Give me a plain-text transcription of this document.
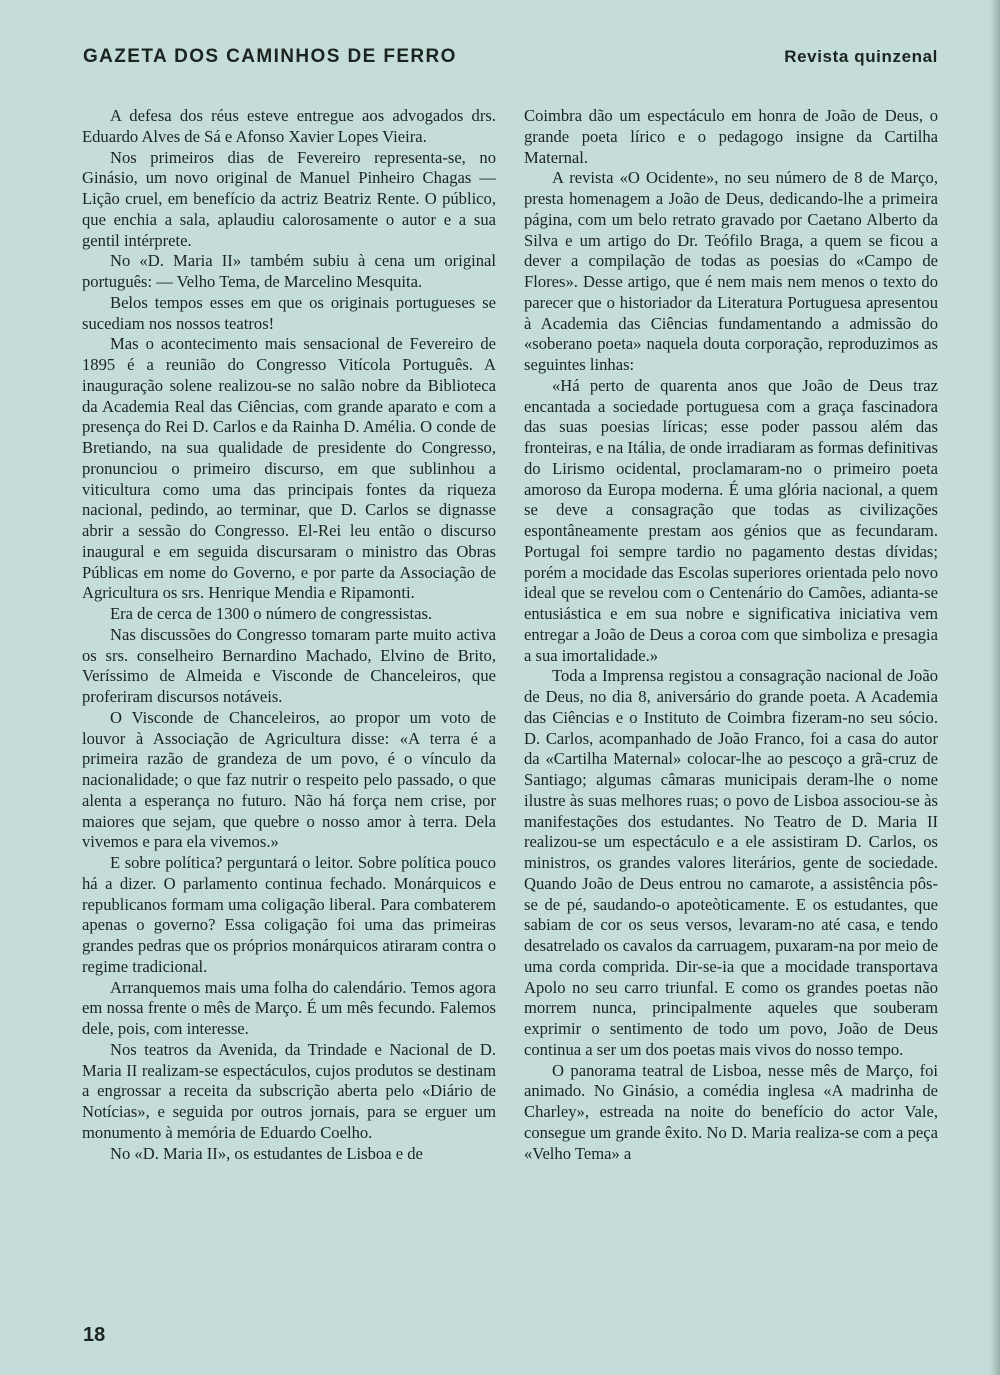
GAZETA DOS CAMINHOS DE FERRO	Revista quinzenal

A defesa dos réus esteve entregue aos advogados drs. Eduardo Alves de Sá e Afonso Xavier Lopes Vieira.

Nos primeiros dias de Fevereiro representa-se, no Ginásio, um novo original de Manuel Pinheiro Chagas — Lição cruel, em benefício da actriz Beatriz Rente. O público, que enchia a sala, aplaudiu calorosamente o autor e a sua gentil intérprete.

No «D. Maria II» também subiu à cena um original português: — Velho Tema, de Marcelino Mesquita.

Belos tempos esses em que os originais portugueses se sucediam nos nossos teatros!

Mas o acontecimento mais sensacional de Fevereiro de 1895 é a reunião do Congresso Vitícola Português. A inauguração solene realizou-se no salão nobre da Biblioteca da Academia Real das Ciências, com grande aparato e com a presença do Rei D. Carlos e da Rainha D. Amélia. O conde de Bretiando, na sua qualidade de presidente do Congresso, pronunciou o primeiro discurso, em que sublinhou a viticultura como uma das principais fontes da riqueza nacional, pedindo, ao terminar, que D. Carlos se dignasse abrir a sessão do Congresso. El-Rei leu então o discurso inaugural e em seguida discursaram o ministro das Obras Públicas em nome do Governo, e por parte da Associação de Agricultura os srs. Henrique Mendia e Ripamonti.

Era de cerca de 1300 o número de congressistas.

Nas discussões do Congresso tomaram parte muito activa os srs. conselheiro Bernardino Machado, Elvino de Brito, Veríssimo de Almeida e Visconde de Chanceleiros, que proferiram discursos notáveis.

O Visconde de Chanceleiros, ao propor um voto de louvor à Associação de Agricultura disse: «A terra é a primeira razão de grandeza de um povo, é o vínculo da nacionalidade; o que faz nutrir o respeito pelo passado, o que alenta a esperança no futuro. Não há força nem crise, por maiores que sejam, que quebre o nosso amor à terra. Dela vivemos e para ela vivemos.»

E sobre política? perguntará o leitor. Sobre política pouco há a dizer. O parlamento continua fechado. Monárquicos e republicanos formam uma coligação liberal. Para combaterem apenas o governo? Essa coligação foi uma das primeiras grandes pedras que os próprios monárquicos atiraram contra o regime tradicional.

Arranquemos mais uma folha do calendário. Temos agora em nossa frente o mês de Março. É um mês fecundo. Falemos dele, pois, com interesse.

Nos teatros da Avenida, da Trindade e Nacional de D. Maria II realizam-se espectáculos, cujos produtos se destinam a engrossar a receita da subscrição aberta pelo «Diário de Notícias», e seguida por outros jornais, para se erguer um monumento à memória de Eduardo Coelho.

No «D. Maria II», os estudantes de Lisboa e de

Coimbra dão um espectáculo em honra de João de Deus, o grande poeta lírico e o pedagogo insigne da Cartilha Maternal.

A revista «O Ocidente», no seu número de 8 de Março, presta homenagem a João de Deus, dedicando-lhe a primeira página, com um belo retrato gravado por Caetano Alberto da Silva e um artigo do Dr. Teófilo Braga, a quem se ficou a dever a compilação de todas as poesias do «Campo de Flores». Desse artigo, que é nem mais nem menos o texto do parecer que o historiador da Literatura Portuguesa apresentou à Academia das Ciências fundamentando a admissão do «soberano poeta» naquela douta corporação, reproduzimos as seguintes linhas:

«Há perto de quarenta anos que João de Deus traz encantada a sociedade portuguesa com a graça fascinadora das suas poesias líricas; esse poder passou além das fronteiras, e na Itália, de onde irradiaram as formas definitivas do Lirismo ocidental, proclamaram-no o primeiro poeta amoroso da Europa moderna. É uma glória nacional, a quem se deve a consagração que todas as civilizações espontâneamente prestam aos génios que as fecundaram. Portugal foi sempre tardio no pagamento destas dívidas; porém a mocidade das Escolas superiores orientada pelo novo ideal que se revelou com o Centenário do Camões, adianta-se entusiástica e em sua nobre e significativa iniciativa vem entregar a João de Deus a coroa com que simboliza e presagia a sua imortalidade.»

Toda a Imprensa registou a consagração nacional de João de Deus, no dia 8, aniversário do grande poeta. A Academia das Ciências e o Instituto de Coimbra fizeram-no seu sócio. D. Carlos, acompanhado de João Franco, foi a casa do autor da «Cartilha Maternal» colocar-lhe ao pescoço a grã-cruz de Santiago; algumas câmaras municipais deram-lhe o nome ilustre às suas melhores ruas; o povo de Lisboa associou-se às manifestações dos estudantes. No Teatro de D. Maria II realizou-se um espectáculo e a ele assistiram D. Carlos, os ministros, os grandes valores literários, gente de sociedade. Quando João de Deus entrou no camarote, a assistência pôs-se de pé, saudando-o apoteòticamente. E os estudantes, que sabiam de cor os seus versos, levaram-no até casa, e tendo desatrelado os cavalos da carruagem, puxaram-na por meio de uma corda comprida. Dir-se-ia que a mocidade transportava Apolo no seu carro triunfal. E como os grandes poetas não morrem nunca, principalmente aqueles que souberam exprimir o sentimento de todo um povo, João de Deus continua a ser um dos poetas mais vivos do nosso tempo.

O panorama teatral de Lisboa, nesse mês de Março, foi animado. No Ginásio, a comédia inglesa «A madrinha de Charley», estreada na noite do benefício do actor Vale, consegue um grande êxito. No D. Maria realiza-se com a peça «Velho Tema» a

18
